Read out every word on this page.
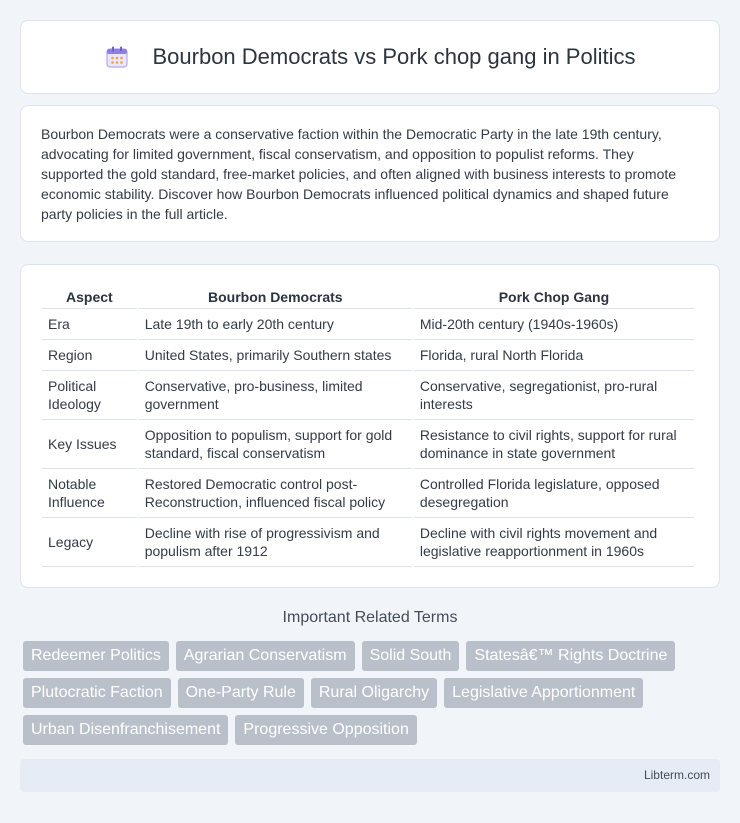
Bourbon Democrats vs Pork chop gang in Politics

Bourbon Democrats were a conservative faction within the Democratic Party in the late 19th century, advocating for limited government, fiscal conservatism, and opposition to populist reforms. They supported the gold standard, free-market policies, and often aligned with business interests to promote economic stability. Discover how Bourbon Democrats influenced political dynamics and shaped future party policies in the full article.

Aspect	Bourbon Democrats	Pork Chop Gang
Era	Late 19th to early 20th century	Mid-20th century (1940s-1960s)
Region	United States, primarily Southern states	Florida, rural North Florida
Political Ideology	Conservative, pro-business, limited government	Conservative, segregationist, pro-rural interests
Key Issues	Opposition to populism, support for gold standard, fiscal conservatism	Resistance to civil rights, support for rural dominance in state government
Notable Influence	Restored Democratic control post-Reconstruction, influenced fiscal policy	Controlled Florida legislature, opposed desegregation
Legacy	Decline with rise of progressivism and populism after 1912	Decline with civil rights movement and legislative reapportionment in 1960s
Important Related Terms
Redeemer Politics	Agrarian Conservatism	Solid South	Statesâ€™ Rights Doctrine
Plutocratic Faction	One-Party Rule	Rural Oligarchy	Legislative Apportionment
Urban Disenfranchisement	Progressive Opposition
Libterm.com
